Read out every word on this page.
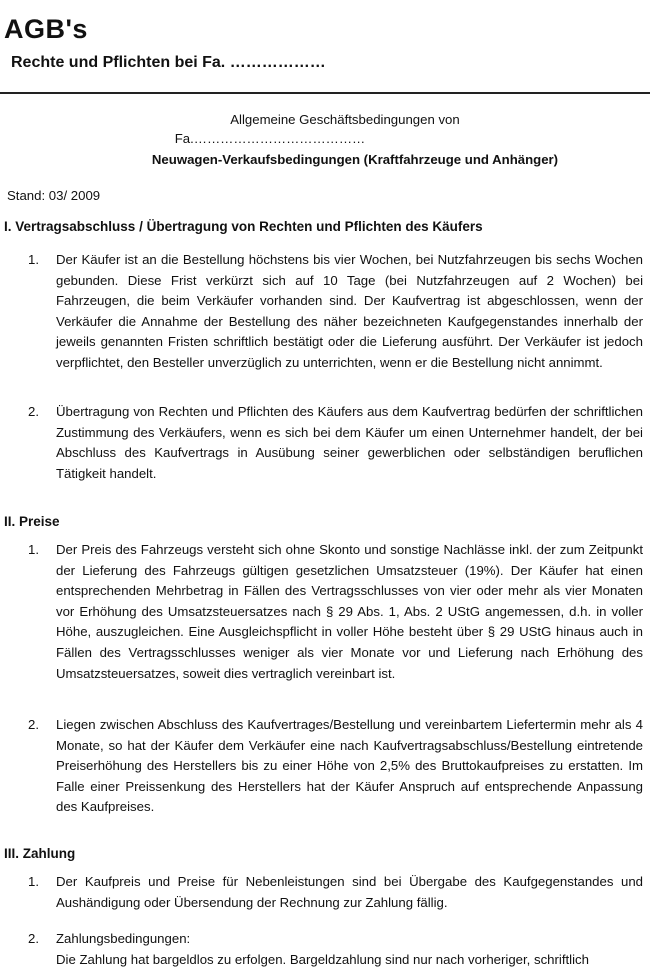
AGB's
Rechte und Pflichten bei Fa. ………………
Allgemeine Geschäftsbedingungen von
Fa.…………………………………
Neuwagen-Verkaufsbedingungen (Kraftfahrzeuge und Anhänger)
Stand: 03/ 2009
I. Vertragsabschluss / Übertragung von Rechten und Pflichten des Käufers
1.	Der Käufer ist an die Bestellung höchstens bis vier Wochen, bei Nutzfahrzeugen bis sechs Wochen gebunden. Diese Frist verkürzt sich auf 10 Tage (bei Nutzfahrzeugen auf 2 Wochen) bei Fahrzeugen, die beim Verkäufer vorhanden sind. Der Kaufvertrag ist abgeschlossen, wenn der Verkäufer die Annahme der Bestellung des näher bezeichneten Kaufgegenstandes innerhalb der jeweils genannten Fristen schriftlich bestätigt oder die Lieferung ausführt. Der Verkäufer ist jedoch verpflichtet, den Besteller unverzüglich zu unterrichten, wenn er die Bestellung nicht annimmt.
2.	Übertragung von Rechten und Pflichten des Käufers aus dem Kaufvertrag bedürfen der schriftlichen Zustimmung des Verkäufers, wenn es sich bei dem Käufer um einen Unternehmer handelt, der bei Abschluss des Kaufvertrags in Ausübung seiner gewerblichen oder selbständigen beruflichen Tätigkeit handelt.
II. Preise
1.	Der Preis des Fahrzeugs versteht sich ohne Skonto und sonstige Nachlässe inkl. der zum Zeitpunkt der Lieferung des Fahrzeugs gültigen gesetzlichen Umsatzsteuer (19%). Der Käufer hat einen entsprechenden Mehrbetrag in Fällen des Vertragsschlusses von vier oder mehr als vier Monaten vor Erhöhung des Umsatzsteuersatzes nach § 29 Abs. 1, Abs. 2 UStG angemessen, d.h. in voller Höhe, auszugleichen. Eine Ausgleichspflicht in voller Höhe besteht über § 29 UStG hinaus auch in Fällen des Vertragsschlusses weniger als vier Monate vor und Lieferung nach Erhöhung des Umsatzsteuersatzes, soweit dies vertraglich vereinbart ist.
2.	Liegen zwischen Abschluss des Kaufvertrages/Bestellung und vereinbartem Liefertermin mehr als 4 Monate, so hat der Käufer dem Verkäufer eine nach Kaufvertragsabschluss/Bestellung eintretende Preiserhöhung des Herstellers bis zu einer Höhe von 2,5% des Bruttokaufpreises zu erstatten. Im Falle einer Preissenkung des Herstellers hat der Käufer Anspruch auf entsprechende Anpassung des Kaufpreises.
III. Zahlung
1.	Der Kaufpreis und Preise für Nebenleistungen sind bei Übergabe des Kaufgegenstandes und Aushändigung oder Übersendung der Rechnung zur Zahlung fällig.
2.	Zahlungsbedingungen:
Die Zahlung hat bargeldlos zu erfolgen. Bargeldzahlung sind nur nach vorheriger, schriftlich
